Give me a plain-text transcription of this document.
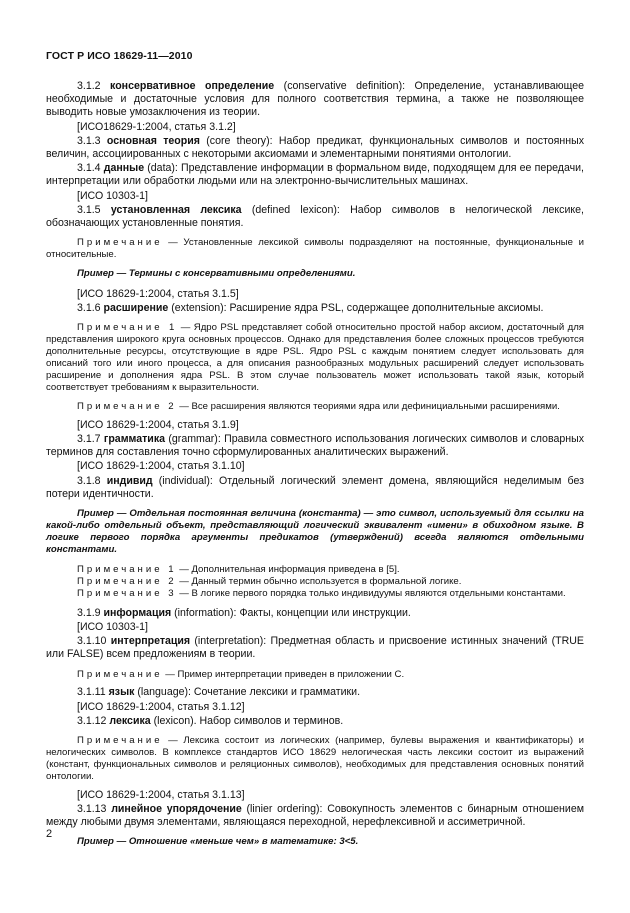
ГОСТ Р ИСО 18629-11—2010

3.1.2 консервативное определение (conservative definition): Определение, устанавливающее необходимые и достаточные условия для полного соответствия термина, а также не позволяющее выводить новые умозаключения из теории.

[ИСО18629-1:2004, статья 3.1.2]

3.1.3 основная теория (core theory): Набор предикат, функциональных символов и постоянных величин, ассоциированных с некоторыми аксиомами и элементарными понятиями онтологии.

3.1.4 данные (data): Представление информации в формальном виде, подходящем для ее передачи, интерпретации или обработки людьми или на электронно-вычислительных машинах.

[ИСО 10303-1]

3.1.5 установленная лексика (defined lexicon): Набор символов в нелогической лексике, обозначающих установленные понятия.

Примечание — Установленные лексикой символы подразделяют на постоянные, функциональные и относительные.

Пример — Термины с консервативными определениями.

[ИСО 18629-1:2004, статья 3.1.5]

3.1.6 расширение (extension): Расширение ядра PSL, содержащее дополнительные аксиомы.

Примечание 1 — Ядро PSL представляет собой относительно простой набор аксиом, достаточный для представления широкого круга основных процессов. Однако для представления более сложных процессов требуются дополнительные ресурсы, отсутствующие в ядре PSL. Ядро PSL с каждым понятием следует использовать для описаний того или иного процесса, а для описания разнообразных модульных расширений следует использовать расширение и дополнения ядра PSL. В этом случае пользователь может использовать такой язык, который соответствует требованиям к выразительности.

Примечание 2 — Все расширения являются теориями ядра или дефинициальными расширениями.

[ИСО 18629-1:2004, статья 3.1.9]

3.1.7 грамматика (grammar): Правила совместного использования логических символов и словарных терминов для составления точно сформулированных аналитических выражений.

[ИСО 18629-1:2004, статья 3.1.10]

3.1.8 индивид (individual): Отдельный логический элемент домена, являющийся неделимым без потери идентичности.

Пример — Отдельная постоянная величина (константа) — это символ, используемый для ссылки на какой-либо отдельный объект, представляющий логический эквивалент «имени» в обиходном языке. В логике первого порядка аргументы предикатов (утверждений) всегда являются отдельными константами.

Примечание 1 — Дополнительная информация приведена в [5].

Примечание 2 — Данный термин обычно используется в формальной логике.

Примечание 3 — В логике первого порядка только индивидуумы являются отдельными константами.

3.1.9 информация (information): Факты, концепции или инструкции.

[ИСО 10303-1]

3.1.10 интерпретация (interpretation): Предметная область и присвоение истинных значений (TRUE или FALSE) всем предложениям в теории.

Примечание — Пример интерпретации приведен в приложении С.

3.1.11 язык (language): Сочетание лексики и грамматики.

[ИСО 18629-1:2004, статья 3.1.12]

3.1.12 лексика (lexicon). Набор символов и терминов.

Примечание — Лексика состоит из логических (например, булевы выражения и квантификаторы) и нелогических символов. В комплексе стандартов ИСО 18629 нелогическая часть лексики состоит из выражений (констант, функциональных символов и реляционных символов), необходимых для представления основных понятий онтологии.

[ИСО 18629-1:2004, статья 3.1.13]

3.1.13 линейное упорядочение (linier ordering): Совокупность элементов с бинарным отношением между любыми двумя элементами, являющаяся переходной, нерефлексивной и ассиметричной.

Пример — Отношение «меньше чем» в математике: 3<5.

2
